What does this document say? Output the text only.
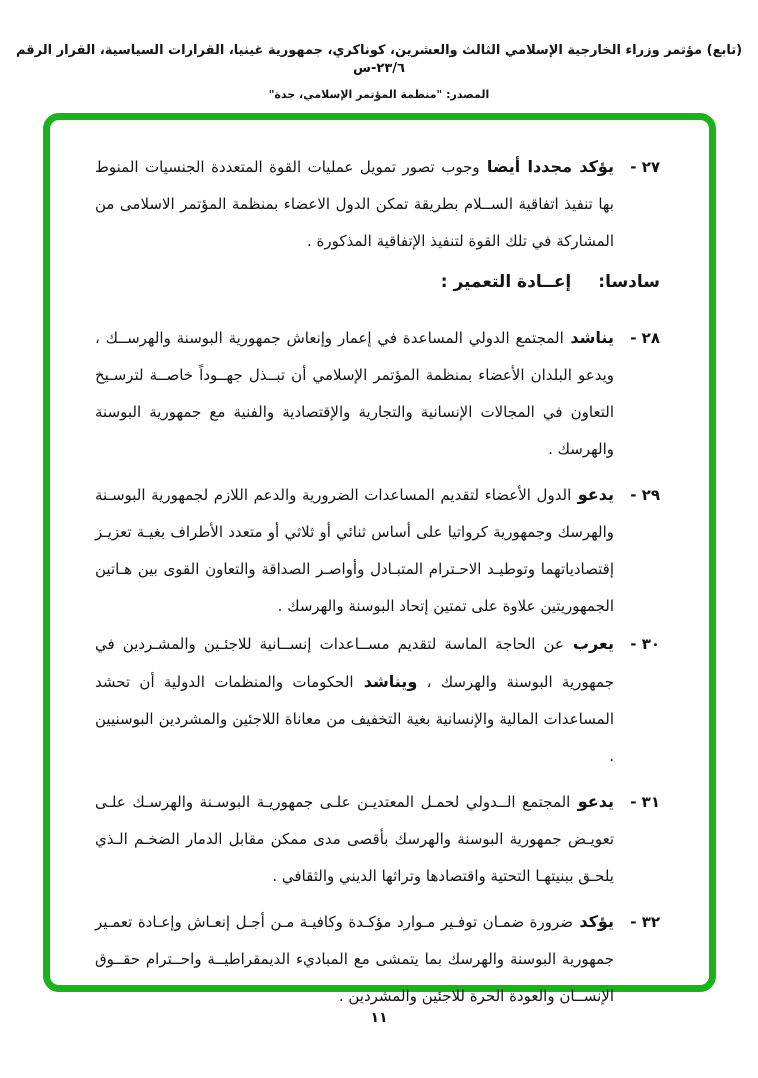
(تابع) مؤتمر وزراء الخارجية الإسلامي الثالث والعشرين، كوناكري، جمهورية غينيا، القرارات السياسية، القرار الرقم ٢٣/٦-س
المصدر: "منظمة المؤتمر الإسلامي، جدة"
٢٧ -يؤكد مجددا أيضا وجوب تصور تمويل عمليات القوة المتعددة الجنسيات المنوط بها تنفيذ اتفاقية الســلام بطريقة تمكن الدول الاعضاء بمنظمة المؤتمر الاسلامى من المشاركة في تلك القوة لتنفيذ الإتفاقية المذكورة .
سادسا:
إعــادة التعمير :
٢٨ -يناشد المجتمع الدولي المساعدة في إعمار وإنعاش جمهورية البوسنة والهرســك ، ويدعو البلدان الأعضاء بمنظمة المؤتمر الإسلامي أن تبــذل جهــوداً خاصــة لترسـيخ التعاون في المجالات الإنسانية والتجارية والإقتصادية والفنية مع جمهورية البوسنة والهرسك .
٢٩ -يدعو الدول الأعضاء لتقديم المساعدات الضرورية والدعم اللازم لجمهورية البوسـنة والهرسك وجمهورية كرواتيا على أساس ثنائي أو ثلاثي أو متعدد الأطراف بغيـة تعزيـز إقتصادياتهما وتوطيـد الاحـترام المتبـادل وأواصـر الصداقة والتعاون القوى بين هـاتين الجمهوريتين علاوة على تمتين إتحاد البوسنة والهرسك .
٣٠ -يعرب عن الحاجة الماسة لتقديم مســاعدات إنســانية للاجئـين والمشـردين في جمهورية البوسنة والهرسك ، ويناشد الحكومات والمنظمات الدولية أن تحشد المساعدات المالية والإنسانية بغية التخفيف من معاناة اللاجئين والمشردين البوسنيين .
٣١ -يدعو المجتمع الــدولي لحمـل المعتديـن علـى جمهوريـة البوسـنة والهرسـك علـى تعويـض جمهورية البوسنة والهرسك بأقصى مدى ممكن مقابل الدمار الضخـم الـذي يلحـق ببنيتهـا التحتية واقتصادها وتراثها الديني والثقافي .
٣٢ -يؤكد ضرورة ضمـان توفـير مـوارد مؤكـدة وكافيـة مـن أجـل إنعـاش وإعـادة تعمـير جمهورية البوسنة والهرسك بما يتمشى مع المباديء الديمقراطيــة واحــترام حقــوق الإنســان والعودة الحرة للاجئين والمشردين .
١١
